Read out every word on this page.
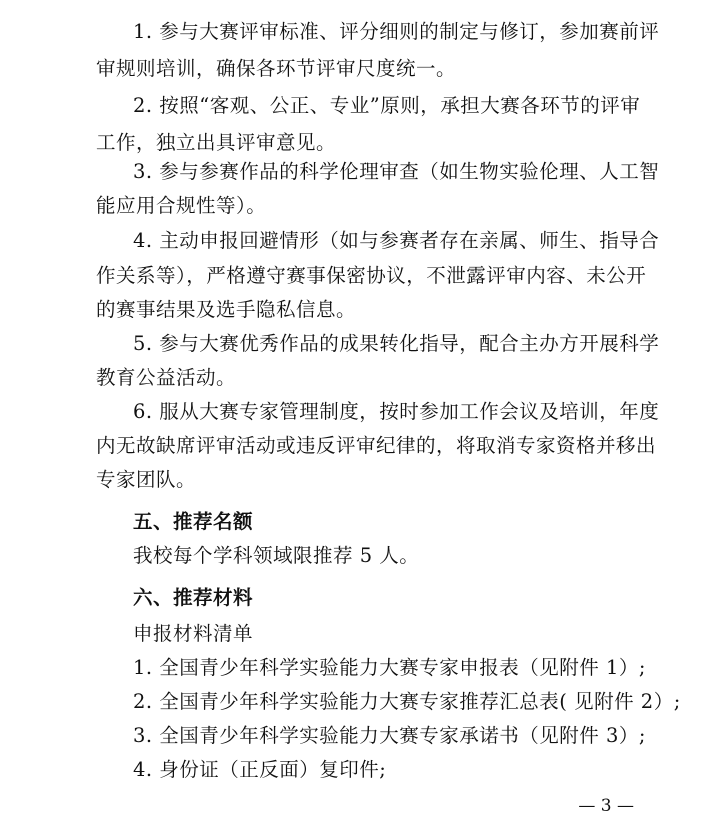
1. 参与大赛评审标准、评分细则的制定与修订，参加赛前评
审规则培训，确保各环节评审尺度统一。
2. 按照“客观、公正、专业”原则，承担大赛各环节的评审
工作，独立出具评审意见。
3. 参与参赛作品的科学伦理审查（如生物实验伦理、人工智
能应用合规性等）。
4. 主动申报回避情形（如与参赛者存在亲属、师生、指导合
作关系等），严格遵守赛事保密协议，不泄露评审内容、未公开
的赛事结果及选手隐私信息。
5. 参与大赛优秀作品的成果转化指导，配合主办方开展科学
教育公益活动。
6. 服从大赛专家管理制度，按时参加工作会议及培训，年度
内无故缺席评审活动或违反评审纪律的，将取消专家资格并移出
专家团队。
五、推荐名额
我校每个学科领域限推荐 5 人。
六、推荐材料
申报材料清单
1. 全国青少年科学实验能力大赛专家申报表（见附件 1）;
2. 全国青少年科学实验能力大赛专家推荐汇总表( 见附件 2）;
3. 全国青少年科学实验能力大赛专家承诺书（见附件 3）;
4. 身份证（正反面）复印件;
— 3 —
